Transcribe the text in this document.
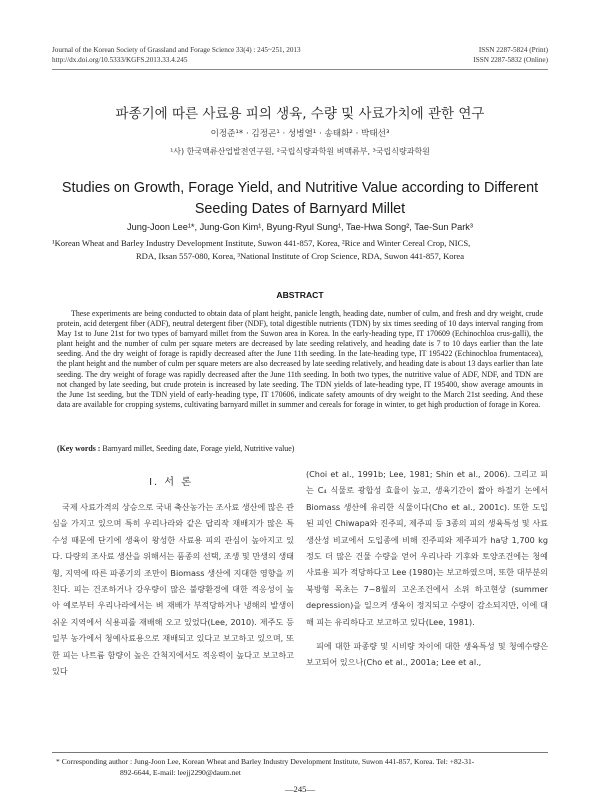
Journal of the Korean Society of Grassland and Forage Science 33(4) : 245~251, 2013
http://dx.doi.org/10.5333/KGFS.2013.33.4.245
ISSN 2287-5824 (Print)
ISSN 2287-5832 (Online)
파종기에 따른 사료용 피의 생육, 수량 및 사료가치에 관한 연구
이정준¹* · 김정곤¹ · 성병열¹ · 송태화² · 박태선³
¹사) 한국맥류산업발전연구원, ²국립식량과학원 벼맥류부, ³국립식량과학원
Studies on Growth, Forage Yield, and Nutritive Value according to Different Seeding Dates of Barnyard Millet
Jung-Joon Lee¹*, Jung-Gon Kim¹, Byung-Ryul Sung¹, Tae-Hwa Song², Tae-Sun Park³
¹Korean Wheat and Barley Industry Development Institute, Suwon 441-857, Korea, ²Rice and Winter Cereal Crop, NICS,
RDA, Iksan 557-080, Korea, ³National Institute of Crop Science, RDA, Suwon 441-857, Korea
ABSTRACT
These experiments are being conducted to obtain data of plant height, panicle length, heading date, number of culm, and fresh and dry weight, crude protein, acid detergent fiber (ADF), neutral detergent fiber (NDF), total digestible nutrients (TDN) by six times seeding of 10 days interval ranging from May 1st to June 21st for two types of barnyard millet from the Suwon area in Korea. In the early-heading type, IT 170609 (Echinochloa crus-galli), the plant height and the number of culm per square meters are decreased by late seeding relatively, and heading date is 7 to 10 days earlier than the late seeding. And the dry weight of forage is rapidly decreased after the June 11th seeding. In the late-heading type, IT 195422 (Echinochloa frumentacea), the plant height and the number of culm per square meters are also decreased by late seeding relatively, and heading date is about 13 days earlier than late seeding. The dry weight of forage was rapidly decreased after the June 11th seeding. In both two types, the nutritive value of ADF, NDF, and TDN are not changed by late seeding, but crude protein is increased by late seeding. The TDN yields of late-heading type, IT 195400, show average amounts in the June 1st seeding, but the TDN yield of early-heading type, IT 170606, indicate safety amounts of dry weight to the March 21st seeding. And these data are available for cropping systems, cultivating barnyard millet in summer and cereals for forage in winter, to get high production of forage in Korea.
(Key words : Barnyard millet, Seeding date, Forage yield, Nutritive value)
Ⅰ. 서 론
국제 사료가격의 상승으로 국내 축산농가는 조사료 생산에 많은 관심을 가지고 있으며 특히 우리나라와 같은 답리작 재배지가 많은 특수성 때문에 단기에 생육이 왕성한 사료용 피의 관심이 높아지고 있다. 다량의 조사료 생산을 위해서는 품종의 선택, 조생 및 만생의 생태형, 지역에 따른 파종기의 조만이 Biomass 생산에 지대한 영향을 끼친다. 피는 건조하거나 강우량이 많은 불량환경에 대한 적응성이 높아 예로부터 우리나라에서는 벼 재배가 부적당하거나 냉해의 발생이 쉬운 지역에서 식용피를 재배해 오고 있었다(Lee, 2010). 제주도 등 일부 농가에서 청예사료용으로 재배되고 있다고 보고하고 있으며, 또한 피는 나트륨 함량이 높은 간척지에서도 적응력이 높다고 보고하고 있다
(Choi et al., 1991b; Lee, 1981; Shin et al., 2006). 그리고 피는 C₄ 식물로 광합성 효율이 높고, 생육기간이 짧아 하절기 논에서 Biomass 생산에 유리한 식물이다(Cho et al., 2001c). 또한 도입된 피인 Chiwapa와 진주피, 제주피 등 3종의 피의 생육특성 및 사료 생산성 비교에서 도입종에 비해 진주피와 제주피가 ha당 1,700 kg 정도 더 많은 건물 수량을 얻어 우리나라 기후와 토양조건에는 청예사료용 피가 적당하다고 Lee (1980)는 보고하였으며, 또한 대부분의 북방형 목초는 7~8월의 고온조건에서 소위 하고현상 (summer depression)을 일으켜 생육이 정지되고 수량이 감소되지만, 이에 대해 피는 유리하다고 보고하고 있다(Lee, 1981).
피에 대한 파종량 및 시비량 차이에 대한 생육특성 및 청예수량은 보고되어 있으나(Cho et al., 2001a; Lee et al.,
* Corresponding author : Jung-Joon Lee, Korean Wheat and Barley Industry Development Institute, Suwon 441-857, Korea. Tel: +82-31-
892-6644, E-mail: leejj2290@daum.net
—245—
